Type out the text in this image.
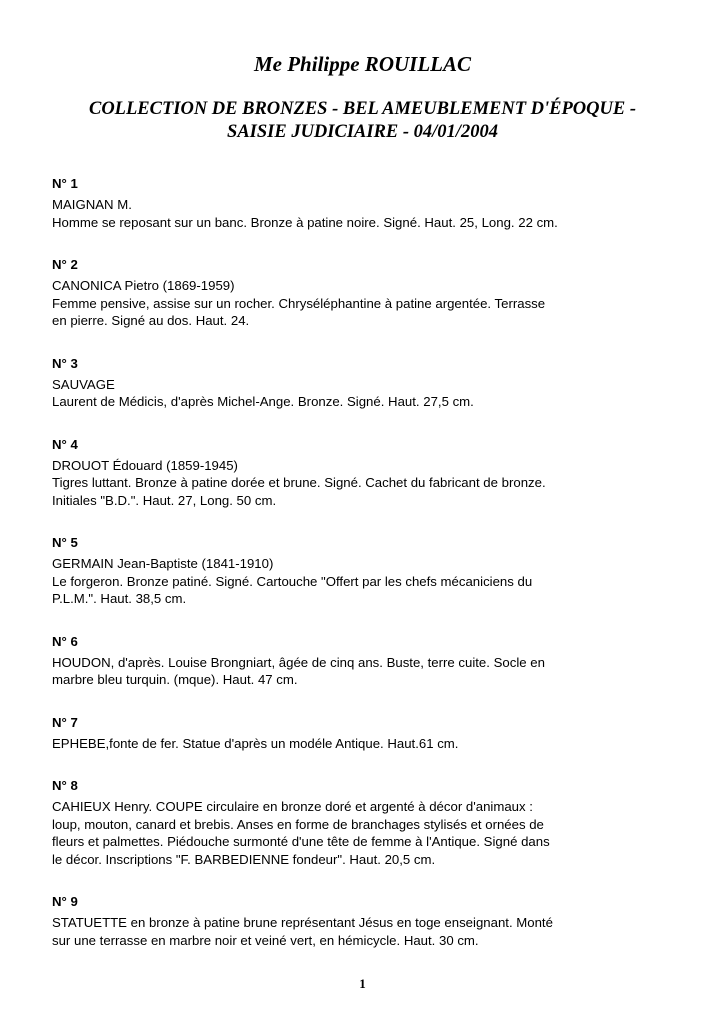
Me Philippe ROUILLAC
COLLECTION DE BRONZES - BEL AMEUBLEMENT D'ÉPOQUE -
SAISIE JUDICIAIRE - 04/01/2004
N° 1
MAIGNAN M.
Homme se reposant sur un banc. Bronze à patine noire. Signé. Haut. 25, Long. 22 cm.
N° 2
CANONICA Pietro (1869-1959)
Femme pensive, assise sur un rocher. Chryséléphantine à patine argentée. Terrasse
en pierre. Signé au dos. Haut. 24.
N° 3
SAUVAGE
Laurent de Médicis, d'après Michel-Ange. Bronze. Signé. Haut. 27,5 cm.
N° 4
DROUOT Édouard (1859-1945)
Tigres luttant. Bronze à patine dorée et brune. Signé. Cachet du fabricant de bronze.
Initiales "B.D.". Haut. 27, Long. 50 cm.
N° 5
GERMAIN Jean-Baptiste (1841-1910)
Le forgeron. Bronze patiné. Signé. Cartouche "Offert par les chefs mécaniciens du
P.L.M.". Haut. 38,5 cm.
N° 6
HOUDON, d'après. Louise Brongniart, âgée de cinq ans. Buste, terre cuite. Socle en
marbre bleu turquin. (mque). Haut. 47 cm.
N° 7
EPHEBE,fonte de fer. Statue d'après un modéle Antique. Haut.61 cm.
N° 8
CAHIEUX Henry. COUPE circulaire en bronze doré et argenté à décor d'animaux :
loup, mouton, canard et brebis. Anses en forme de branchages stylisés et ornées de
fleurs et palmettes. Piédouche surmonté d'une tête de femme à l'Antique. Signé dans
le décor. Inscriptions "F. BARBEDIENNE fondeur". Haut. 20,5 cm.
N° 9
STATUETTE en bronze à patine brune représentant Jésus en toge enseignant. Monté
sur une terrasse en marbre noir et veiné vert, en hémicycle. Haut. 30 cm.
1
